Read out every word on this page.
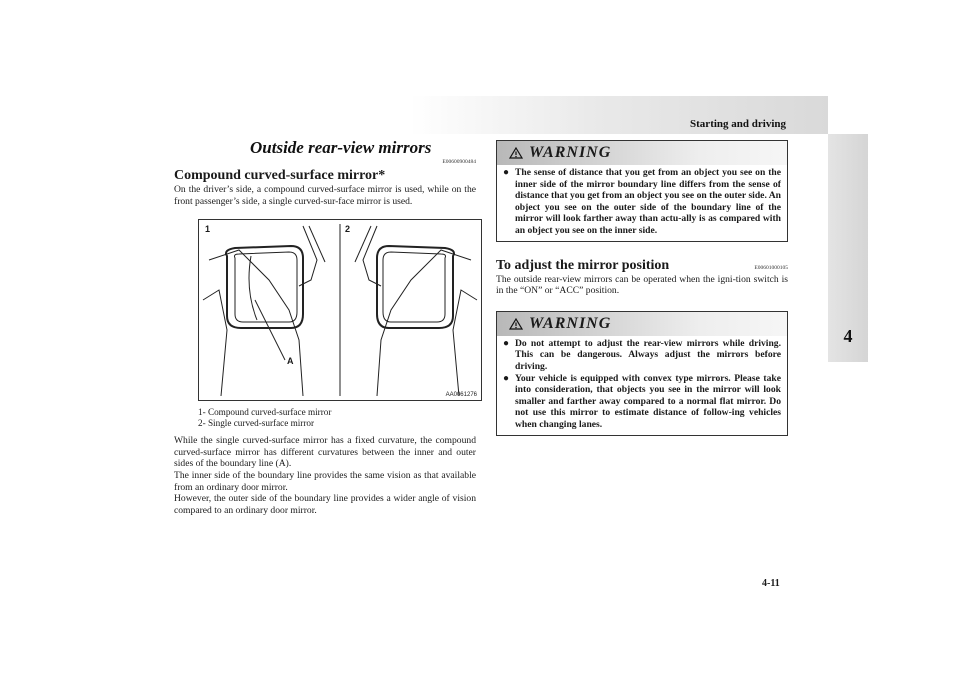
Starting and driving
4
Outside rear-view mirrors
E00600900484
Compound curved-surface mirror*

On the driver’s side, a compound curved-surface mirror is used, while on the front passenger’s side, a single curved-sur-face mirror is used.

1	2
A
AA0061276
1- Compound curved-surface mirror
2- Single curved-surface mirror

While the single curved-surface mirror has a fixed curvature, the compound curved-surface mirror has different curvatures between the inner and outer sides of the boundary line (A).

The inner side of the boundary line provides the same vision as that available from an ordinary door mirror.

However, the outer side of the boundary line provides a wider angle of vision compared to an ordinary door mirror.

WARNING
● The sense of distance that you get from an object you see on the inner side of the mirror boundary line differs from the sense of distance that you get from an object you see on the outer side. An object you see on the outer side of the boundary line of the mirror will look farther away than actu-ally is as compared with an object you see on the inner side.
To adjust the mirror position	E00601000105

The outside rear-view mirrors can be operated when the igni-tion switch is in the “ON” or “ACC” position.

WARNING
● Do not attempt to adjust the rear-view mirrors while driving. This can be dangerous. Always adjust the mirrors before driving.
● Your vehicle is equipped with convex type mirrors. Please take into consideration, that objects you see in the mirror will look smaller and farther away compared to a normal flat mirror. Do not use this mirror to estimate distance of follow-ing vehicles when changing lanes.
4-11
